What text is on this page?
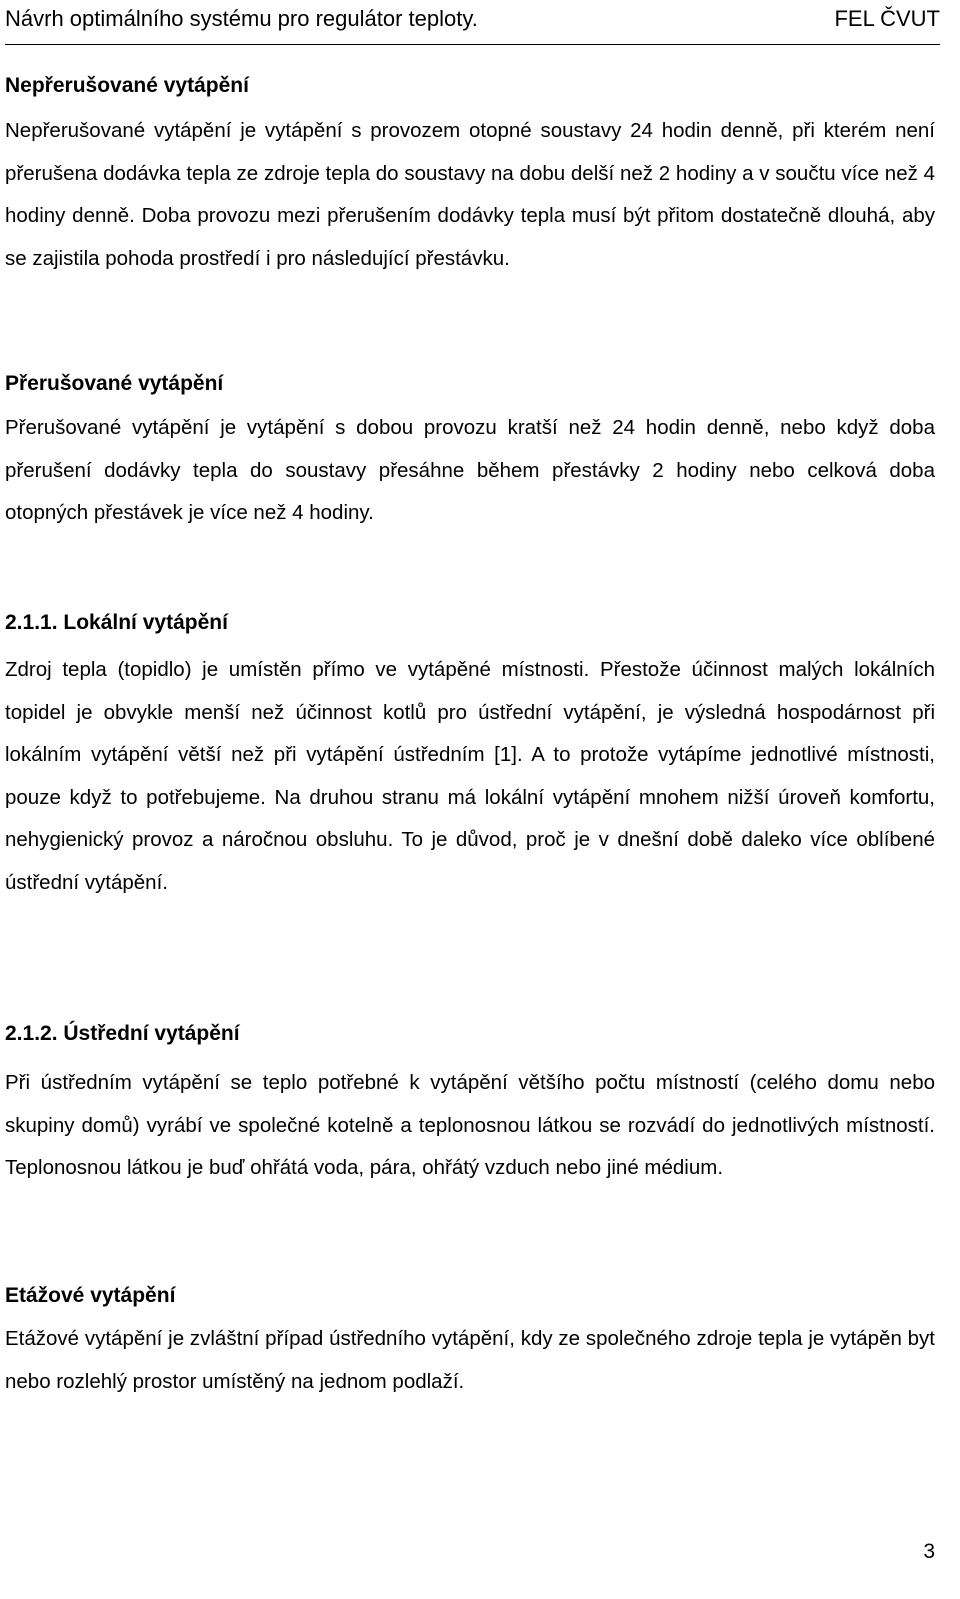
Návrh optimálního systému pro regulátor teploty.	FEL ČVUT
Nepřerušované vytápění

Nepřerušované vytápění je vytápění s provozem otopné soustavy 24 hodin denně, při kterém není přerušena dodávka tepla ze zdroje tepla do soustavy na dobu delší než 2 hodiny a v součtu více než 4 hodiny denně. Doba provozu mezi přerušením dodávky tepla musí být přitom dostatečně dlouhá, aby se zajistila pohoda prostředí i pro následující přestávku.

Přerušované vytápění

Přerušované vytápění je vytápění s dobou provozu kratší než 24 hodin denně, nebo když doba přerušení dodávky tepla do soustavy přesáhne během přestávky 2 hodiny nebo celková doba otopných přestávek je více než 4 hodiny.

2.1.1. Lokální vytápění

Zdroj tepla (topidlo) je umístěn přímo ve vytápěné místnosti. Přestože účinnost malých lokálních topidel je obvykle menší než účinnost kotlů pro ústřední vytápění, je výsledná hospodárnost při lokálním vytápění větší než při vytápění ústředním [1]. A to protože vytápíme jednotlivé místnosti, pouze když to potřebujeme. Na druhou stranu má lokální vytápění mnohem nižší úroveň komfortu, nehygienický provoz a náročnou obsluhu. To je důvod, proč je v dnešní době daleko více oblíbené ústřední vytápění.

2.1.2. Ústřední vytápění

Při ústředním vytápění se teplo potřebné k vytápění většího počtu místností (celého domu nebo skupiny domů) vyrábí ve společné kotelně a teplonosnou látkou se rozvádí do jednotlivých místností. Teplonosnou látkou je buď ohřátá voda, pára, ohřátý vzduch nebo jiné médium.

Etážové vytápění

Etážové vytápění je zvláštní případ ústředního vytápění, kdy ze společného zdroje tepla je vytápěn byt nebo rozlehlý prostor umístěný na jednom podlaží.

3
